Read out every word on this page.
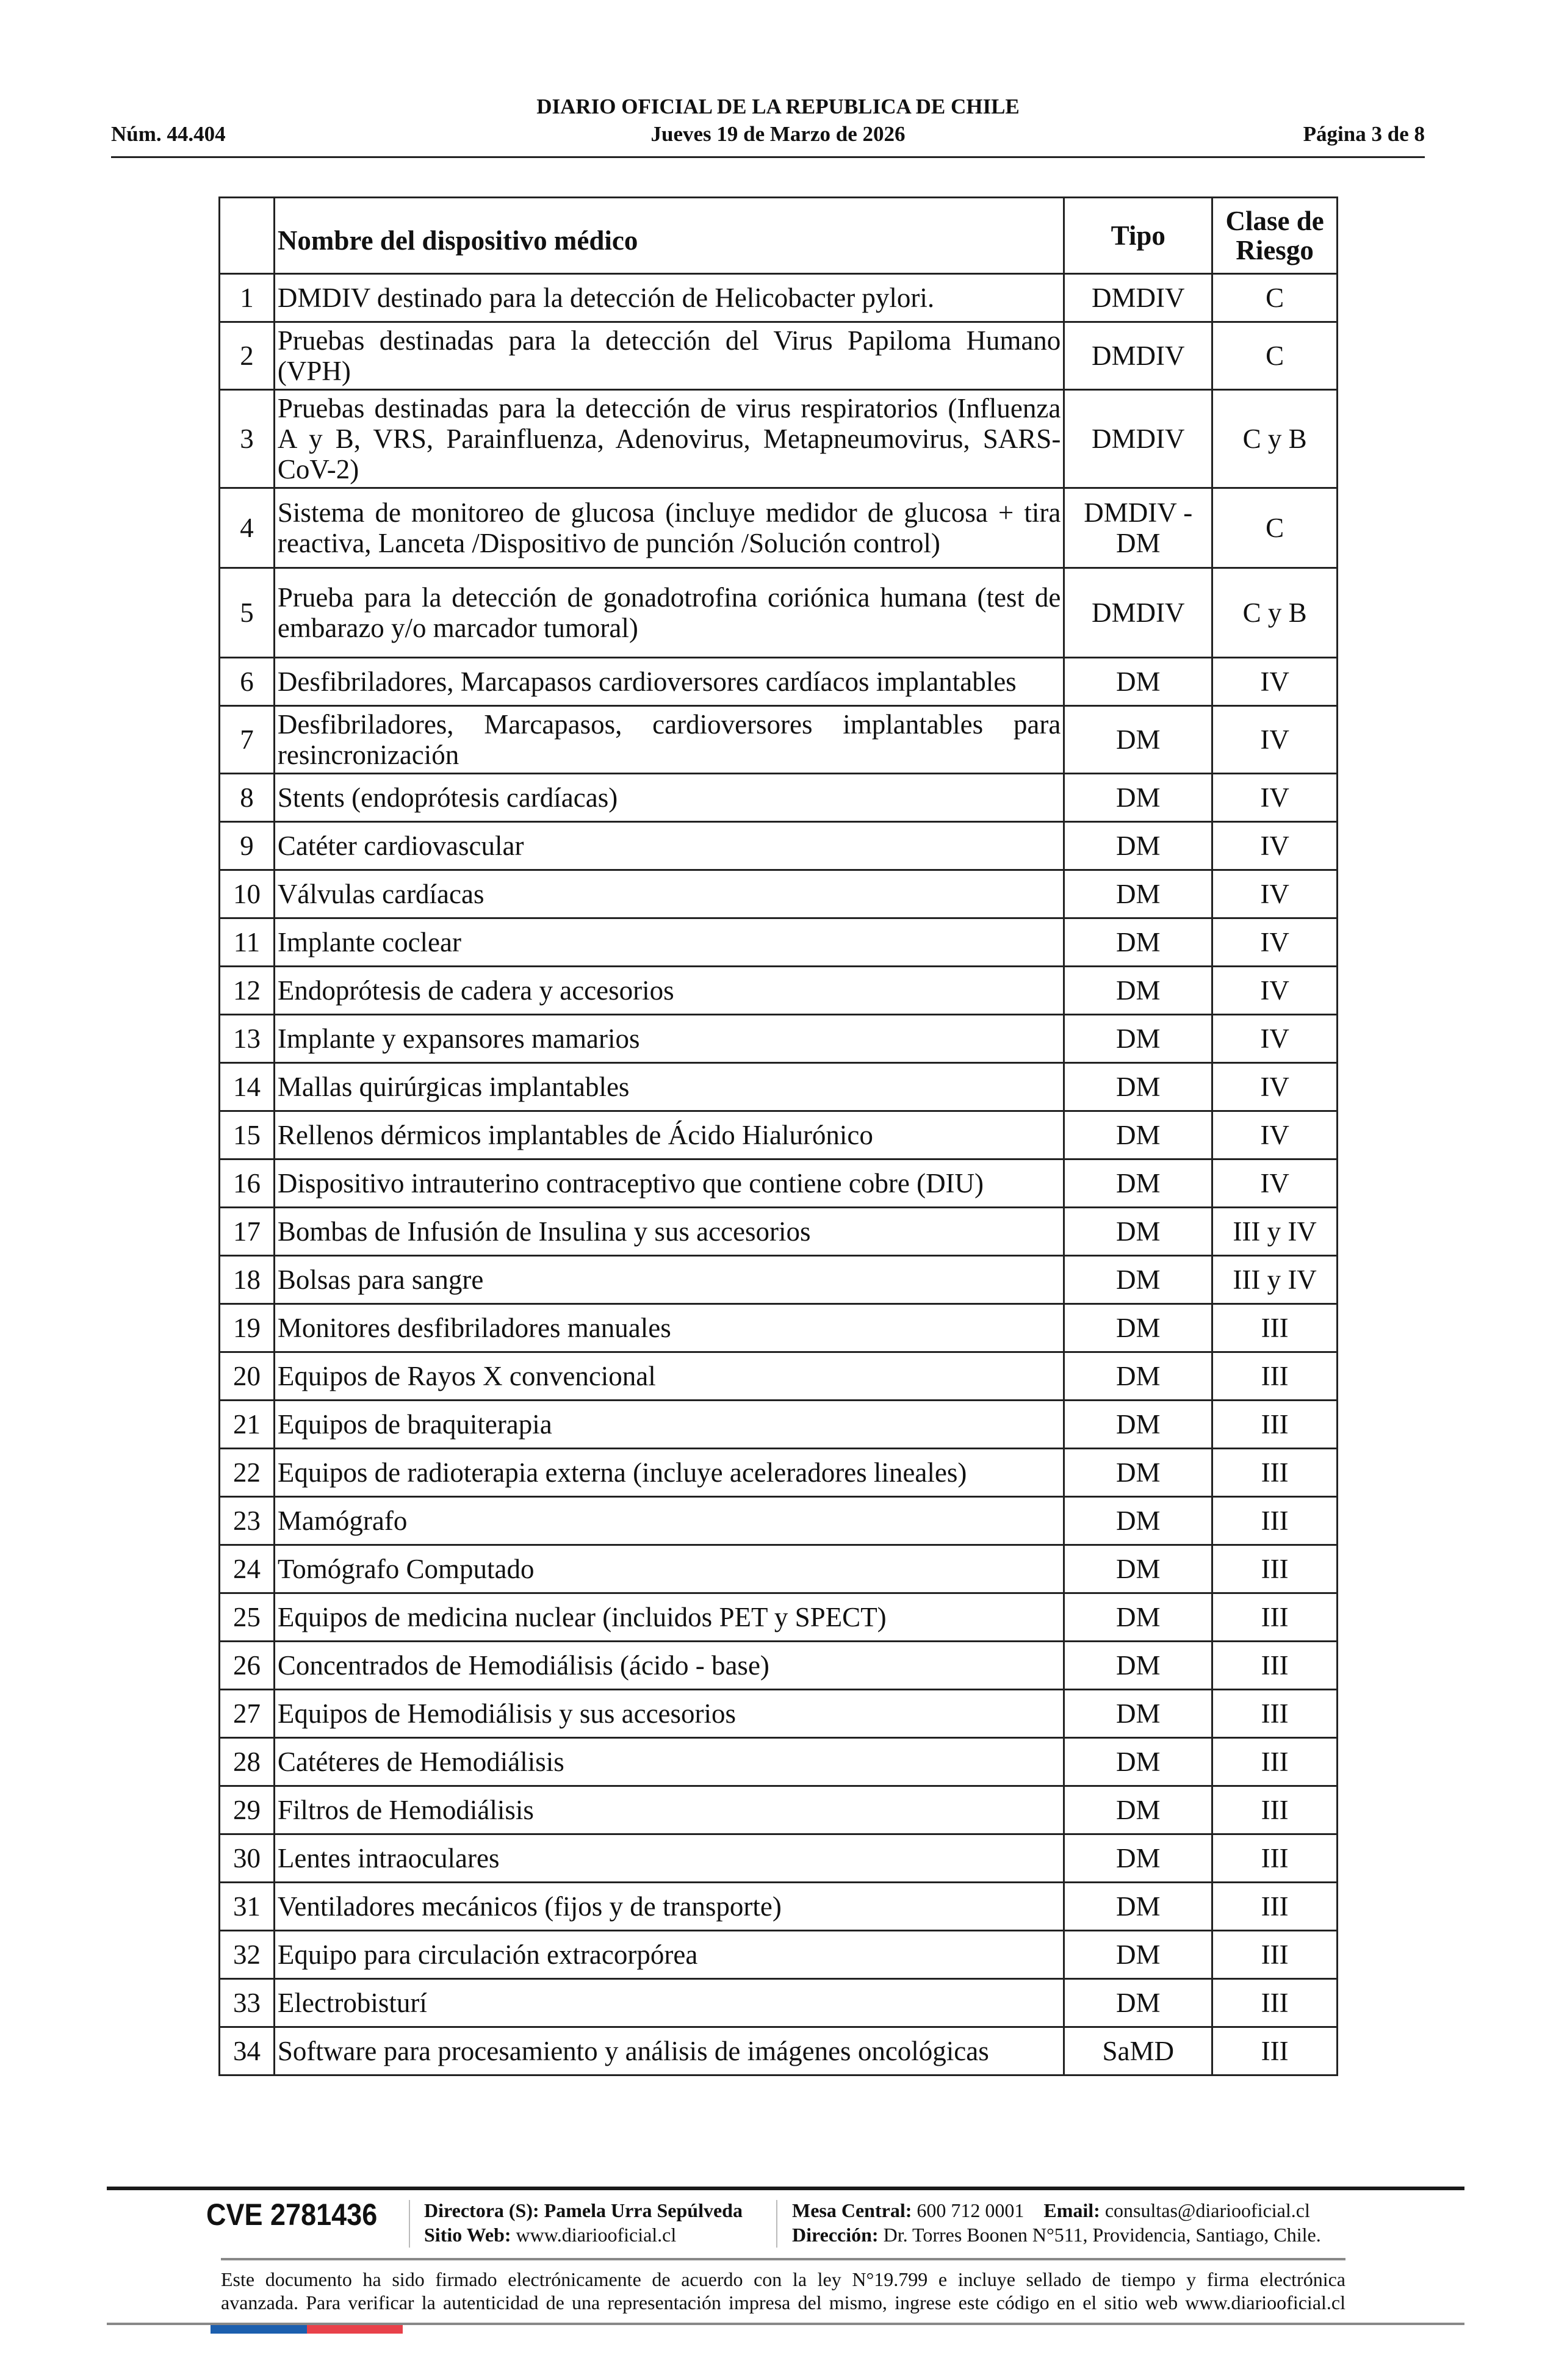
DIARIO OFICIAL DE LA REPUBLICA DE CHILE
Núm. 44.404	Jueves 19 de Marzo de 2026	Página 3 de 8
	Nombre del dispositivo médico	Tipo	Clase de Riesgo
1	DMDIV destinado para la detección de Helicobacter pylori.	DMDIV	C
2	Pruebas destinadas para la detección del Virus Papiloma Humano (VPH)	DMDIV	C
3	Pruebas destinadas para la detección de virus respiratorios (Influenza A y B, VRS, Parainfluenza, Adenovirus, Metapneumovirus, SARS-CoV-2)	DMDIV	C y B
4	Sistema de monitoreo de glucosa (incluye medidor de glucosa + tira reactiva, Lanceta /Dispositivo de punción /Solución control)	DMDIV - DM	C
5	Prueba para la detección de gonadotrofina coriónica humana (test de embarazo y/o marcador tumoral)	DMDIV	C y B
6	Desfibriladores, Marcapasos cardioversores cardíacos implantables	DM	IV
7	Desfibriladores, Marcapasos, cardioversores implantables para resincronización	DM	IV
8	Stents (endoprótesis cardíacas)	DM	IV
9	Catéter cardiovascular	DM	IV
10	Válvulas cardíacas	DM	IV
11	Implante coclear	DM	IV
12	Endoprótesis de cadera y accesorios	DM	IV
13	Implante y expansores mamarios	DM	IV
14	Mallas quirúrgicas implantables	DM	IV
15	Rellenos dérmicos implantables de Ácido Hialurónico	DM	IV
16	Dispositivo intrauterino contraceptivo que contiene cobre (DIU)	DM	IV
17	Bombas de Infusión de Insulina y sus accesorios	DM	III y IV
18	Bolsas para sangre	DM	III y IV
19	Monitores desfibriladores manuales	DM	III
20	Equipos de Rayos X convencional	DM	III
21	Equipos de braquiterapia	DM	III
22	Equipos de radioterapia externa (incluye aceleradores lineales)	DM	III
23	Mamógrafo	DM	III
24	Tomógrafo Computado	DM	III
25	Equipos de medicina nuclear (incluidos PET y SPECT)	DM	III
26	Concentrados de Hemodiálisis (ácido - base)	DM	III
27	Equipos de Hemodiálisis y sus accesorios	DM	III
28	Catéteres de Hemodiálisis	DM	III
29	Filtros de Hemodiálisis	DM	III
30	Lentes intraoculares	DM	III
31	Ventiladores mecánicos (fijos y de transporte)	DM	III
32	Equipo para circulación extracorpórea	DM	III
33	Electrobisturí	DM	III
34	Software para procesamiento y análisis de imágenes oncológicas	SaMD	III
CVE 2781436 Directora (S): Pamela Urra Sepúlveda
Sitio Web: www.diariooficial.cl
Mesa Central: 600 712 0001 Email: consultas@diariooficial.cl
Dirección: Dr. Torres Boonen N°511, Providencia, Santiago, Chile.
Este documento ha sido firmado electrónicamente de acuerdo con la ley N°19.799 e incluye sellado de tiempo y firma electrónica
avanzada. Para verificar la autenticidad de una representación impresa del mismo, ingrese este código en el sitio web www.diariooficial.cl
